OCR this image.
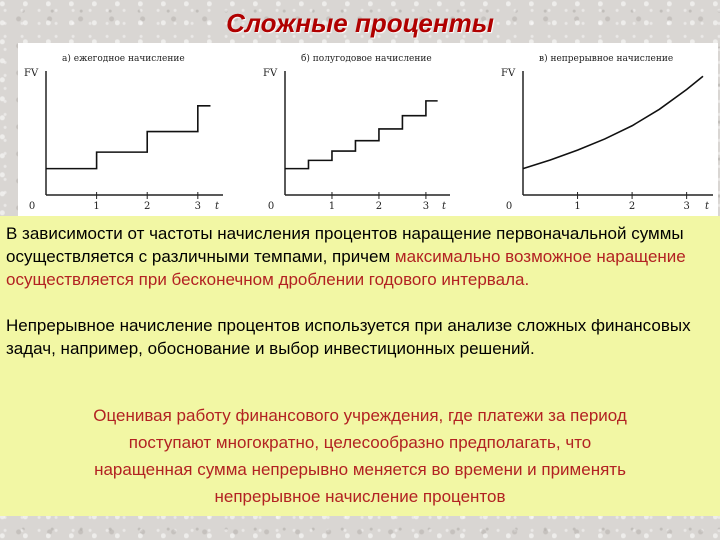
Сложные проценты
а) ежегодное начисление
FV
0	1	2	3 t
б) полугодовое начисление
FV
0	1	2	3 t
в) непрерывное начисление
FV
0	1	2	3 t

В зависимости от частоты начисления процентов наращение первоначальной суммы осуществляется с различными темпами, причем максимально возможное наращение осуществляется при бесконечном дроблении годового интервала.

Непрерывное начисление процентов используется при анализе сложных финансовых задач, например, обоснование и выбор инвестиционных решений.

Оценивая работу финансового учреждения, где платежи за период

поступают многократно, целесообразно предполагать, что

наращенная сумма непрерывно меняется во времени и применять

непрерывное начисление процентов
